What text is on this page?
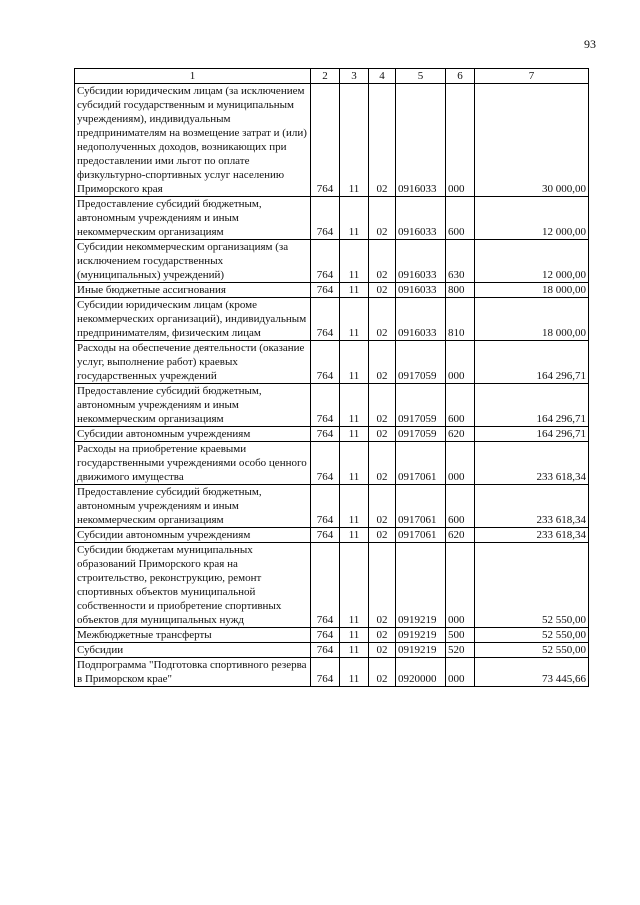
93
1	2	3	4	5	6	7
Субсидии юридическим лицам (за исключением субсидий государственным и муниципальным учреждениям), индивидуальным предпринимателям на возмещение затрат и (или) недополученных доходов, возникающих при предоставлении ими льгот по оплате физкультурно-спортивных услуг населению Приморского края	764	11	02	0916033	000	30 000,00
Предоставление субсидий бюджетным, автономным учреждениям и иным некоммерческим организациям	764	11	02	0916033	600	12 000,00
Субсидии некоммерческим организациям (за исключением государственных (муниципальных) учреждений)	764	11	02	0916033	630	12 000,00
Иные бюджетные ассигнования	764	11	02	0916033	800	18 000,00
Субсидии юридическим лицам (кроме некоммерческих организаций), индивидуальным предпринимателям, физическим лицам	764	11	02	0916033	810	18 000,00
Расходы на обеспечение деятельности (оказание услуг, выполнение работ) краевых государственных учреждений	764	11	02	0917059	000	164 296,71
Предоставление субсидий бюджетным, автономным учреждениям и иным некоммерческим организациям	764	11	02	0917059	600	164 296,71
Субсидии автономным учреждениям	764	11	02	0917059	620	164 296,71
Расходы на приобретение краевыми государственными учреждениями особо ценного движимого имущества	764	11	02	0917061	000	233 618,34
Предоставление субсидий бюджетным, автономным учреждениям и иным некоммерческим организациям	764	11	02	0917061	600	233 618,34
Субсидии автономным учреждениям	764	11	02	0917061	620	233 618,34
Субсидии бюджетам муниципальных образований Приморского края на строительство, реконструкцию, ремонт спортивных объектов муниципальной собственности и приобретение спортивных объектов для муниципальных нужд	764	11	02	0919219	000	52 550,00
Межбюджетные трансферты	764	11	02	0919219	500	52 550,00
Субсидии	764	11	02	0919219	520	52 550,00
Подпрограмма "Подготовка спортивного резерва в Приморском крае"	764	11	02	0920000	000	73 445,66
